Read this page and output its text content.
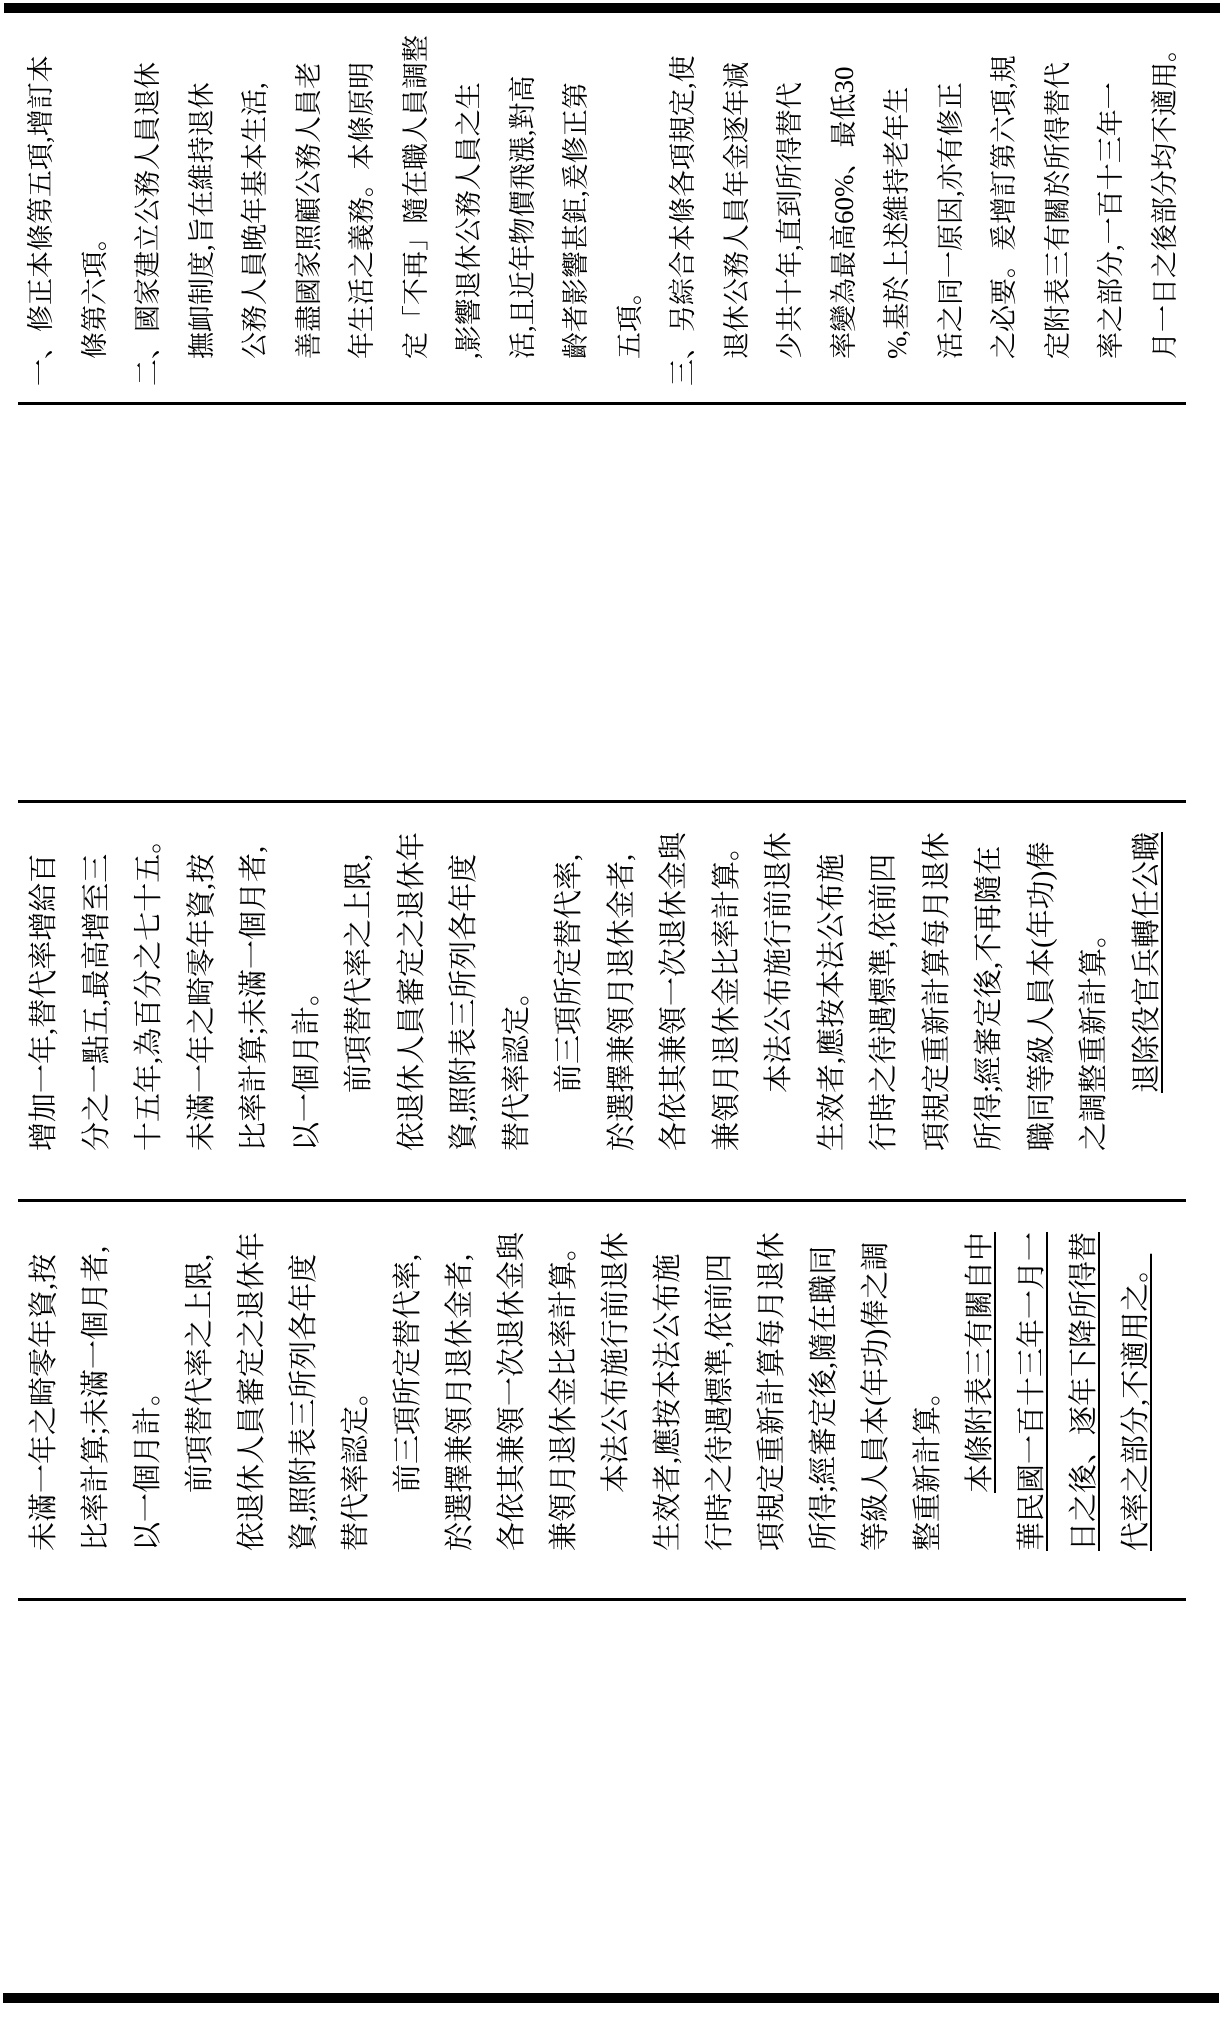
未滿一年之畸零年資,按 比率計算;未滿一個月者, 以一個月計。 前項替代率之上限, 依退休人員審定之退休年 資,照附表三所列各年度 替代率認定。 前三項所定替代率, 於選擇兼領月退休金者, 各依其兼領一次退休金與 兼領月退休金比率計算。 本法公布施行前退休 生效者,應按本法公布施 行時之待遇標準,依前四 項規定重新計算每月退休 所得;經審定後,隨在職同 等級人員本(年功)俸之調 整重新計算。 本條附表三有關自中 華民國一百十三年一月一 日之後、逐年下降所得替 代率之部分,不適用之。
增加一年,替代率增給百 分之一點五,最高增至三 十五年,為百分之七十五。 未滿一年之畸零年資,按 比率計算;未滿一個月者, 以一個月計。 前項替代率之上限, 依退休人員審定之退休年 資,照附表三所列各年度 替代率認定。 前三項所定替代率, 於選擇兼領月退休金者, 各依其兼領一次退休金與 兼領月退休金比率計算。 本法公布施行前退休 生效者,應按本法公布施 行時之待遇標準,依前四 項規定重新計算每月退休 所得;經審定後,不再隨在 職同等級人員本(年功)俸 之調整重新計算。 退除役官兵轉任公職
一、修正本條第五項,增訂本 條第六項。 二、國家建立公務人員退休 撫卹制度,旨在維持退休 公務人員晚年基本生活, 善盡國家照顧公務人員老 年生活之義務。本條原明 定「不再」隨在職人員調整 ,影響退休公務人員之生 活,且近年物價飛漲,對高 齡者影響甚鉅,爰修正第 五項。 三、另綜合本條各項規定,使 退休公務人員年金逐年減 少共十年,直到所得替代 率變為最高60%、最低30 %,基於上述維持老年生 活之同一原因,亦有修正 之必要。爰增訂第六項,規 定附表三有關於所得替代 率之部分,一百十三年一 月一日之後部分均不適用。
